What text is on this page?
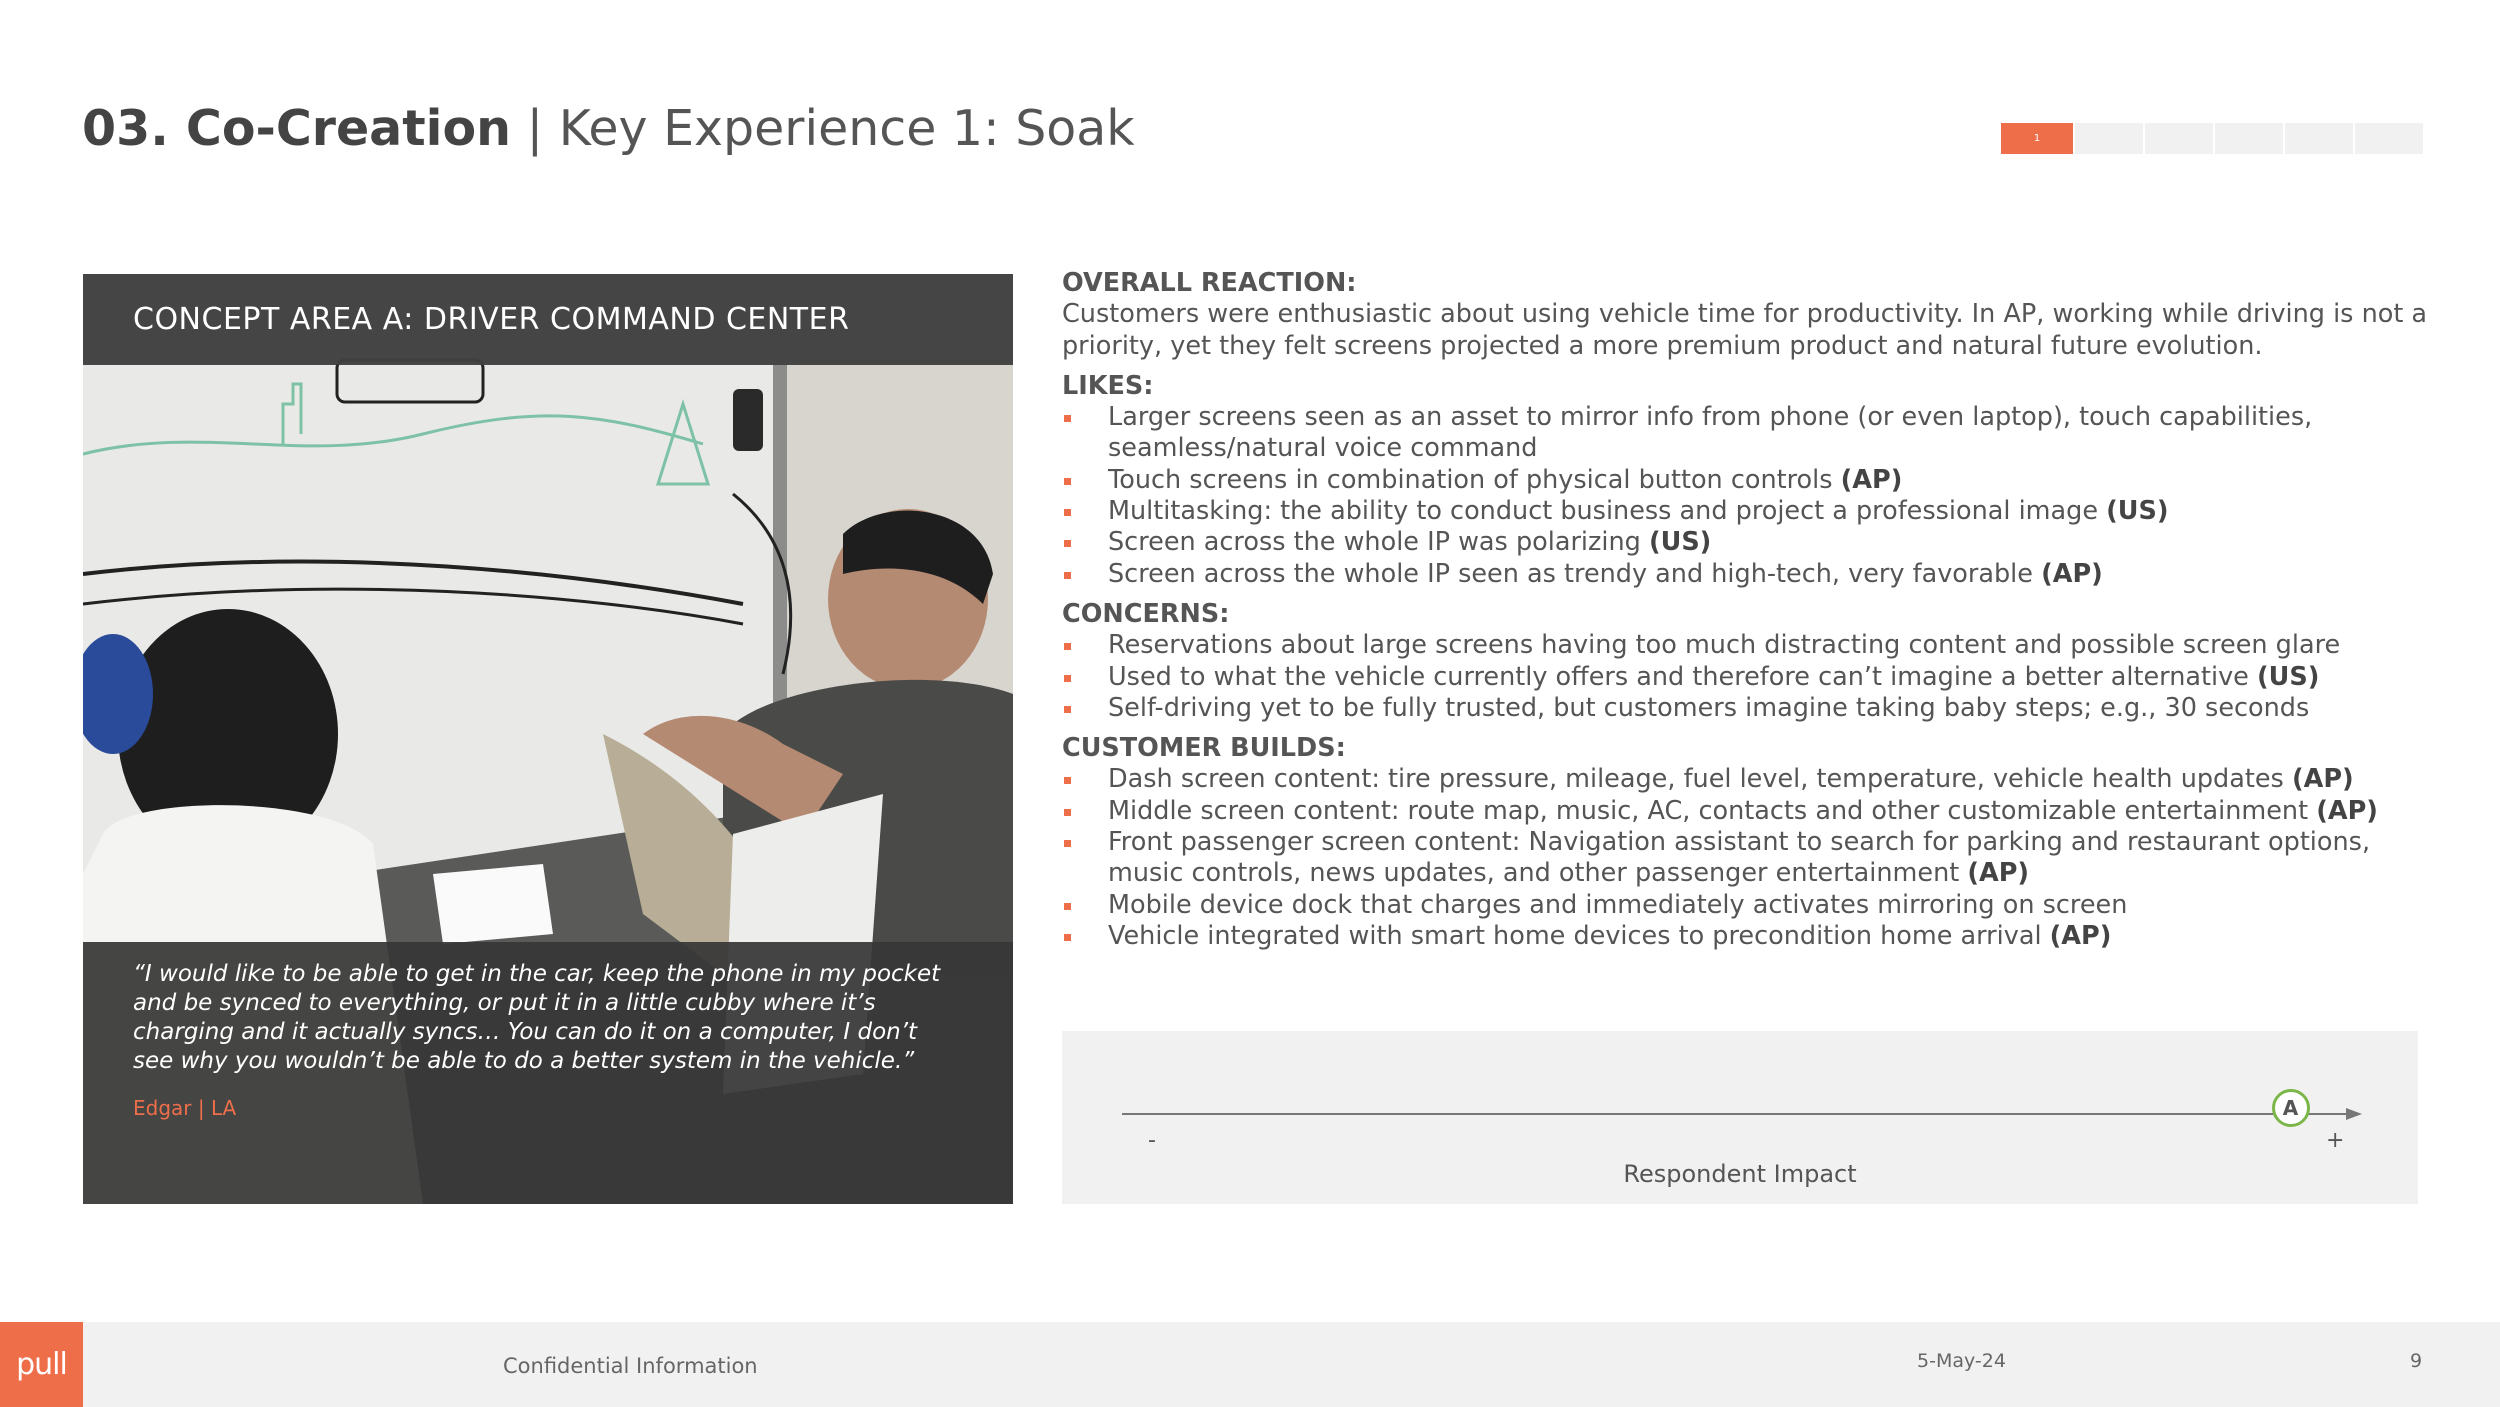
03. Co-Creation | Key Experience 1: Soak	1
CONCEPT AREA A: DRIVER COMMAND CENTER

“I would like to be able to get in the car, keep the phone in my pocket and be synced to everything, or put it in a little cubby where it’s charging and it actually syncs… You can do it on a computer, I don’t see why you wouldn’t be able to do a better system in the vehicle.”

Edgar | LA

OVERALL REACTION:

Customers were enthusiastic about using vehicle time for productivity. In AP, working while driving is not a priority, yet they felt screens projected a more premium product and natural future evolution.

LIKES:

Larger screens seen as an asset to mirror info from phone (or even laptop), touch capabilities, seamless/natural voice command
Touch screens in combination of physical button controls (AP)
Multitasking: the ability to conduct business and project a professional image (US)
Screen across the whole IP was polarizing (US)
Screen across the whole IP seen as trendy and high-tech, very favorable (AP)

CONCERNS:

Reservations about large screens having too much distracting content and possible screen glare
Used to what the vehicle currently offers and therefore can’t imagine a better alternative (US)
Self-driving yet to be fully trusted, but customers imagine taking baby steps; e.g., 30 seconds

CUSTOMER BUILDS:

Dash screen content: tire pressure, mileage, fuel level, temperature, vehicle health updates (AP)
Middle screen content: route map, music, AC, contacts and other customizable entertainment (AP)
Front passenger screen content: Navigation assistant to search for parking and restaurant options, music controls, news updates, and other passenger entertainment (AP)
Mobile device dock that charges and immediately activates mirroring on screen
Vehicle integrated with smart home devices to precondition home arrival (AP)
-	+
A
Respondent Impact
Confidential Information	5-May-24	9
pull
